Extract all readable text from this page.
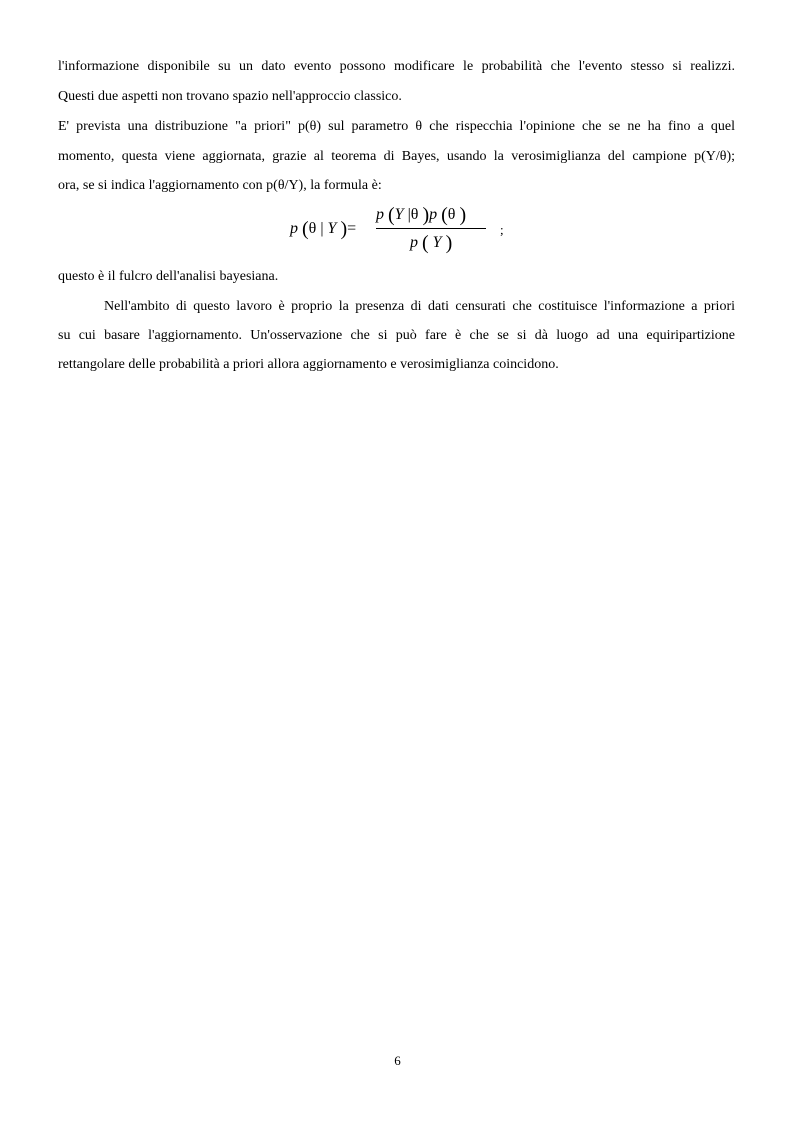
l'informazione disponibile su un dato evento possono modificare le probabilità che l'evento stesso si realizzi.
Questi due aspetti non trovano spazio nell'approccio classico.
E' prevista una distribuzione "a priori" p(θ) sul parametro θ che rispecchia l'opinione che se ne ha fino a quel
momento, questa viene aggiornata, grazie al teorema di Bayes, usando la verosimiglianza del campione p(Y/θ);
ora, se si indica l'aggiornamento con p(θ/Y), la formula è:
p (θ | Y )=
p (Y |θ )p (θ )
p ( Y )
;
questo è il fulcro dell'analisi bayesiana.
Nell'ambito di questo lavoro è proprio la presenza di dati censurati che costituisce l'informazione a priori
su cui basare l'aggiornamento. Un'osservazione che si può fare è che se si dà luogo ad una equiripartizione
rettangolare delle probabilità a priori allora aggiornamento e verosimiglianza coincidono.
6
